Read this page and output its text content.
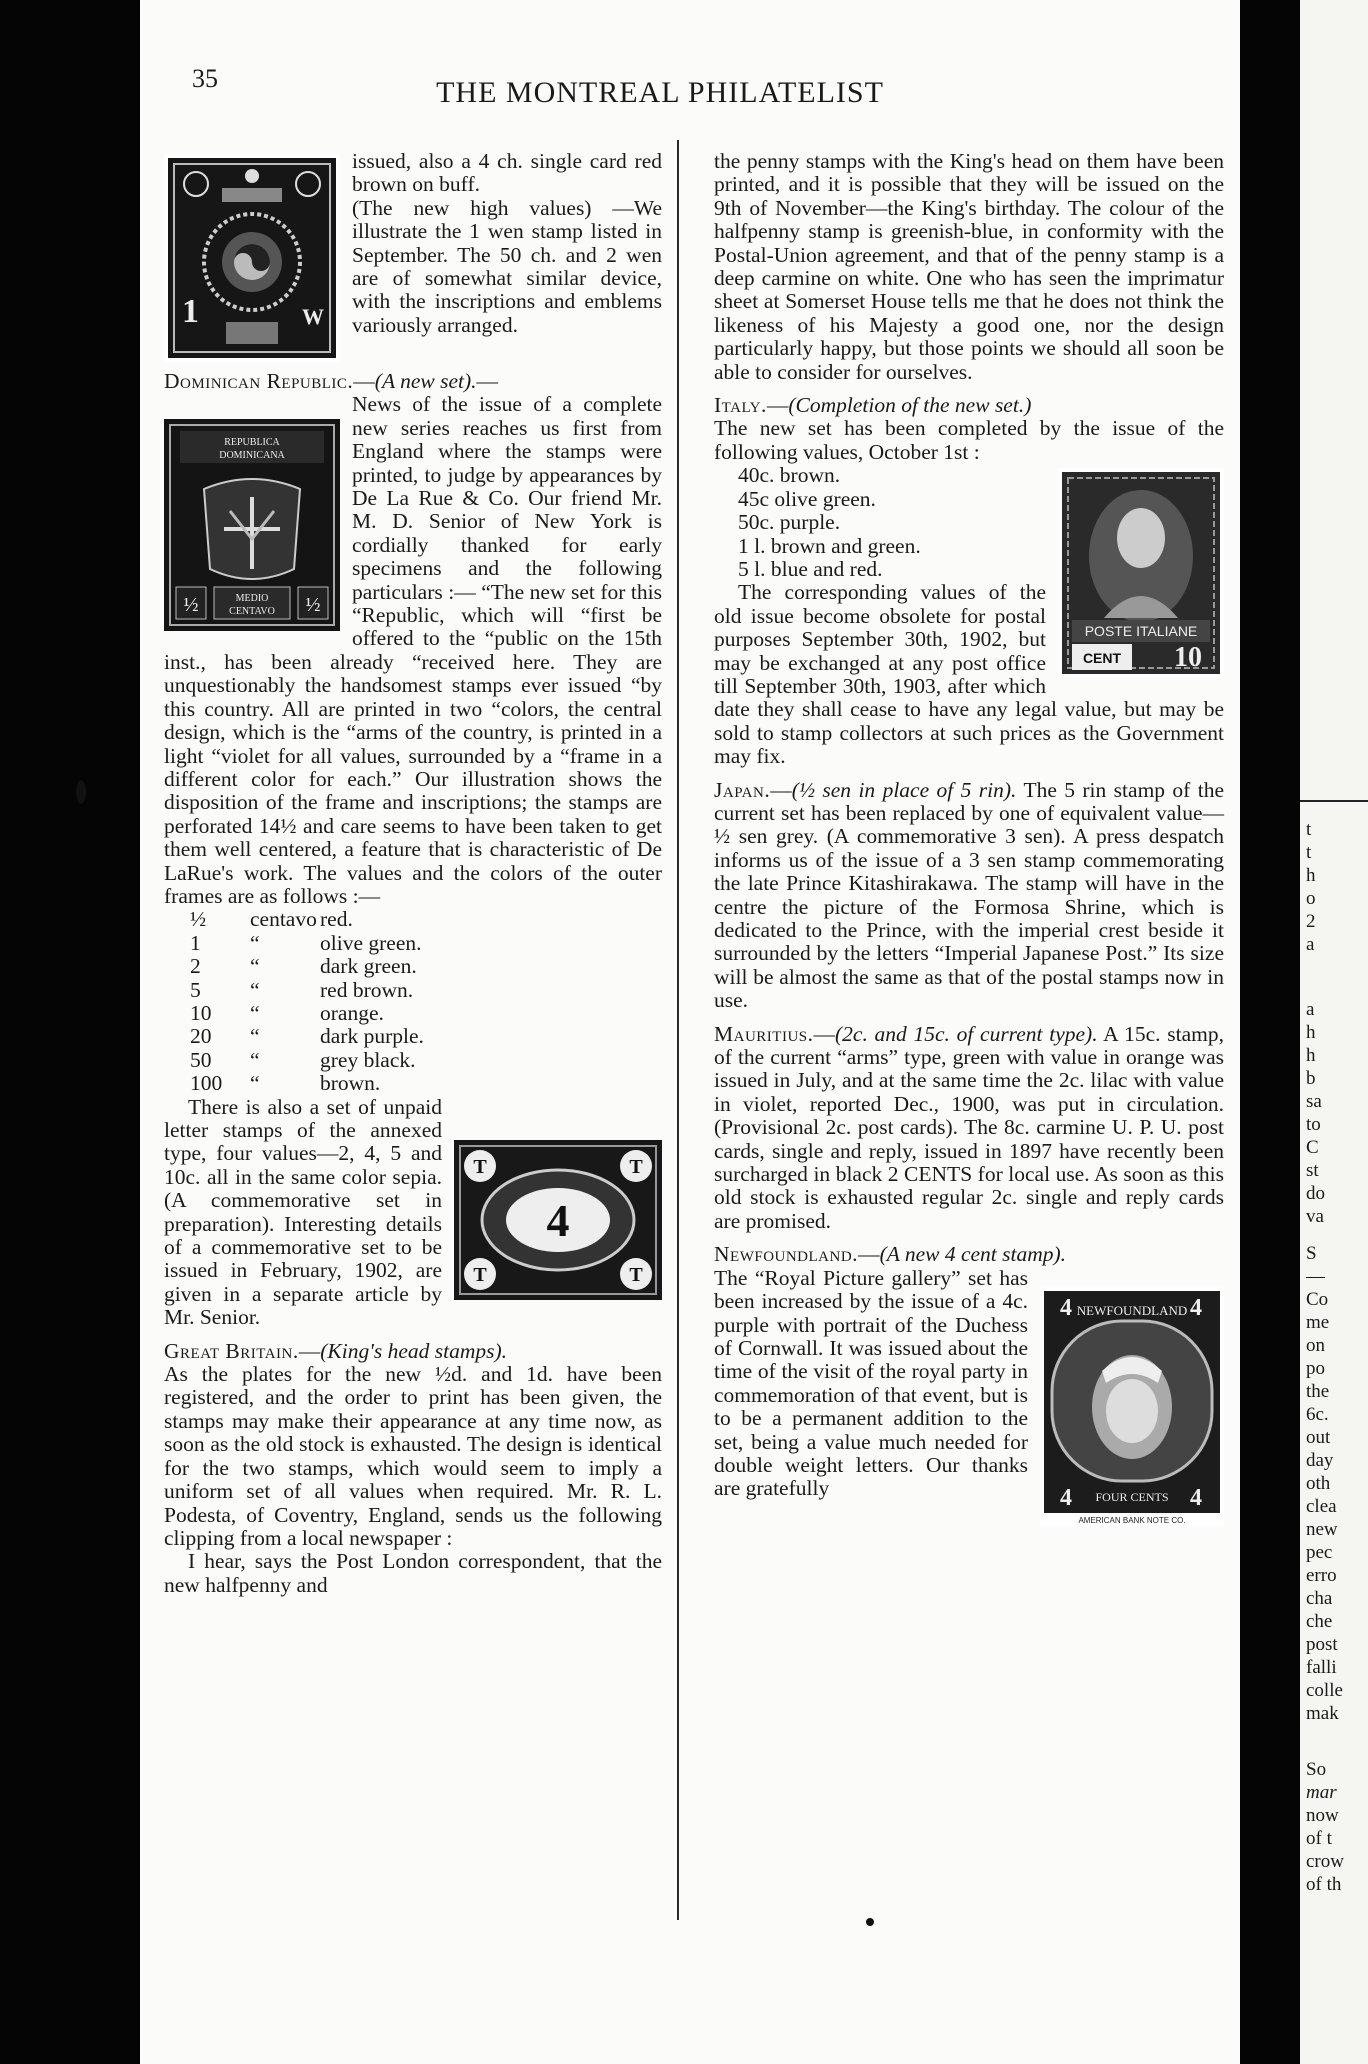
35	THE MONTREAL PHILATELIST
1	W

issued, also a 4 ch. single card red brown on buff.

(The new high values) —We illustrate the 1 wen stamp listed in September. The 50 ch. and 2 wen are of somewhat similar device, with the inscriptions and emblems variously arranged.

Dominican Republic.—(A new set).—

REPUBLICA
DOMINICANA
MEDIO
CENTAVO
½	½

News of the issue of a complete new series reaches us first from England where the stamps were printed, to judge by appearances by De La Rue & Co. Our friend Mr. M. D. Senior of New York is cordially thanked for early specimens and the following particulars :— “The new set for this “Republic, which will “first be offered to the “public on the 15th inst., has been already “received here. They are unquestionably the handsomest stamps ever issued “by this country. All are printed in two “colors, the central design, which is the “arms of the country, is printed in a light “violet for all values, surrounded by a “frame in a different color for each.” Our illustration shows the disposition of the frame and inscriptions; the stamps are perforated 14½ and care seems to have been taken to get them well centered, a feature that is characteristic of De LaRue's work. The values and the colors of the outer frames are as follows :—

½	centavo red.
1	“	olive green.
2	“	dark green.
5	“	red brown.
10	“	orange.
20	“	dark purple.
50	“	grey black.
100	“	brown.
4
T	T
T	T

There is also a set of unpaid letter stamps of the annexed type, four values—2, 4, 5 and 10c. all in the same color sepia. (A commemorative set in preparation). Interesting details of a commemorative set to be issued in February, 1902, are given in a separate article by Mr. Senior.

Great Britain.—(King's head stamps).

As the plates for the new ½d. and 1d. have been registered, and the order to print has been given, the stamps may make their appearance at any time now, as soon as the old stock is exhausted. The design is identical for the two stamps, which would seem to imply a uniform set of all values when required. Mr. R. L. Podesta, of Coventry, England, sends us the following clipping from a local newspaper :

I hear, says the Post London correspondent, that the new halfpenny and

the penny stamps with the King's head on them have been printed, and it is possible that they will be issued on the 9th of November—the King's birthday. The colour of the halfpenny stamp is greenish-blue, in conformity with the Postal-Union agreement, and that of the penny stamp is a deep carmine on white. One who has seen the imprimatur sheet at Somerset House tells me that he does not think the likeness of his Majesty a good one, nor the design particularly happy, but those points we should all soon be able to consider for ourselves.

Italy.—(Completion of the new set.)

The new set has been completed by the issue of the following values, October 1st :

POSTE ITALIANE
CENT 10
40c. brown.
45c olive green.
50c. purple.
1 l. brown and green.
5 l. blue and red.

The corresponding values of the old issue become obsolete for postal purposes September 30th, 1902, but may be exchanged at any post office till September 30th, 1903, after which date they shall cease to have any legal value, but may be sold to stamp collectors at such prices as the Government may fix.

Japan.—(½ sen in place of 5 rin). The 5 rin stamp of the current set has been replaced by one of equivalent value—½ sen grey. (A commemorative 3 sen). A press despatch informs us of the issue of a 3 sen stamp commemorating the late Prince Kitashirakawa. The stamp will have in the centre the picture of the Formosa Shrine, which is dedicated to the Prince, with the imperial crest beside it surrounded by the letters “Imperial Japanese Post.” Its size will be almost the same as that of the postal stamps now in use.

Mauritius.—(2c. and 15c. of current type). A 15c. stamp, of the current “arms” type, green with value in orange was issued in July, and at the same time the 2c. lilac with value in violet, reported Dec., 1900, was put in circulation. (Provisional 2c. post cards). The 8c. carmine U. P. U. post cards, single and reply, issued in 1897 have recently been surcharged in black 2 CENTS for local use. As soon as this old stock is exhausted regular 2c. single and reply cards are promised.

Newfoundland.—(A new 4 cent stamp).

NEWFOUNDLAND
4	4
4	4
FOUR CENTS
AMERICAN BANK NOTE CO.

The “Royal Picture gallery” set has been increased by the issue of a 4c. purple with portrait of the Duchess of Cornwall. It was issued about the time of the visit of the royal party in commemoration of that event, but is to be a permanent addition to the set, being a value much needed for double weight letters. Our thanks are gratefully

t
t
h
o
2
a
a
h
h
b
sa
to
C
st
do
va
S
—
Co
me
on
po
the
6c.
out
day
oth
clea
new
pec
erro
cha
che
post
falli
colle
mak
So
mar
now
of t
crow
of th
